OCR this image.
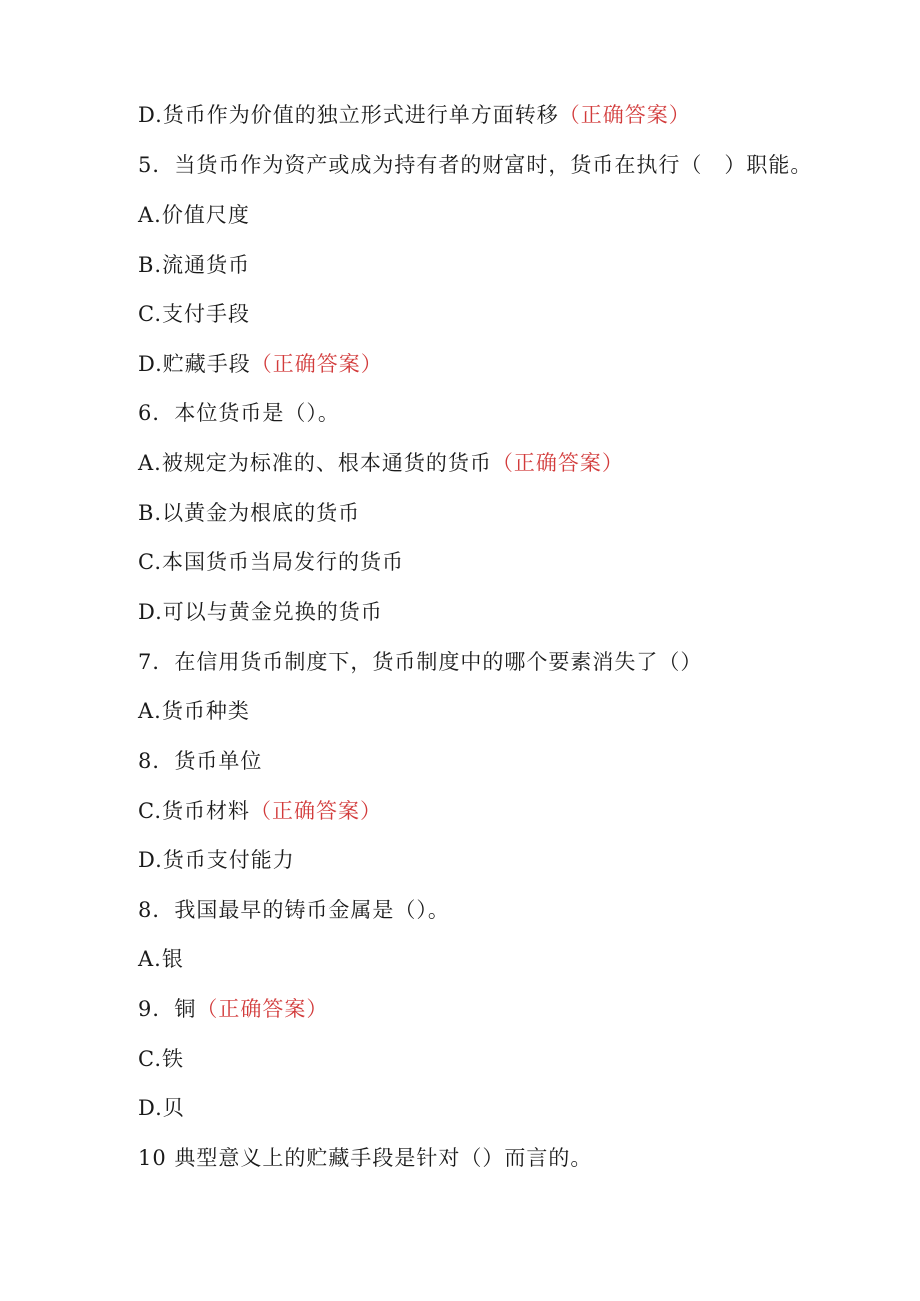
D.货币作为价值的独立形式进行单方面转移（正确答案）
5．当货币作为资产或成为持有者的财富时，货币在执行（　）职能。
A.价值尺度
B.流通货币
C.支付手段
D.贮藏手段（正确答案）
6．本位货币是（）。
A.被规定为标准的、根本通货的货币（正确答案）
B.以黄金为根底的货币
C.本国货币当局发行的货币
D.可以与黄金兑换的货币
7．在信用货币制度下，货币制度中的哪个要素消失了（）
A.货币种类
8．货币单位
C.货币材料（正确答案）
D.货币支付能力
8．我国最早的铸币金属是（）。
A.银
9．铜（正确答案）
C.铁
D.贝
10 典型意义上的贮藏手段是针对（）而言的。
